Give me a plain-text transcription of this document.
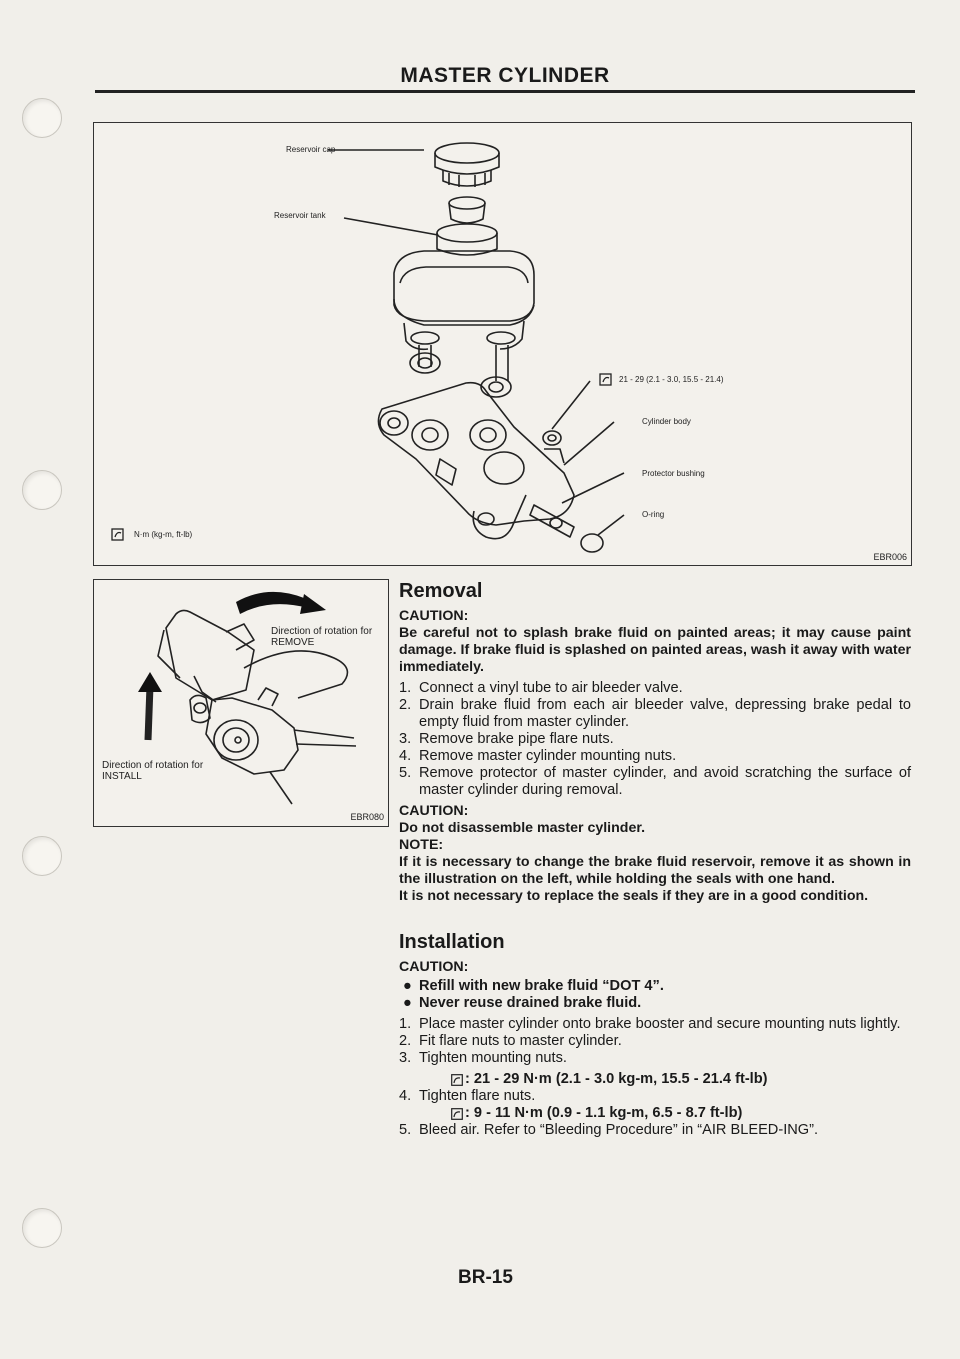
MASTER CYLINDER
Reservoir cap
Reservoir tank
21 - 29 (2.1 - 3.0, 15.5 - 21.4)
Cylinder body
Protector bushing
O-ring
N·m (kg-m, ft-lb)
EBR006
Direction of rotation for REMOVE
Direction of rotation for INSTALL
EBR080
Removal
CAUTION:
Be careful not to splash brake fluid on painted areas; it may cause paint damage. If brake fluid is splashed on painted areas, wash it away with water immediately.
1. Connect a vinyl tube to air bleeder valve.
2. Drain brake fluid from each air bleeder valve, depressing brake pedal to empty fluid from master cylinder.
3. Remove brake pipe flare nuts.
4. Remove master cylinder mounting nuts.
5. Remove protector of master cylinder, and avoid scratching the surface of master cylinder during removal.
CAUTION:
Do not disassemble master cylinder.
NOTE:
If it is necessary to change the brake fluid reservoir, remove it as shown in the illustration on the left, while holding the seals with one hand.
It is not necessary to replace the seals if they are in a good condition.
Installation
CAUTION:
● Refill with new brake fluid “DOT 4”.
● Never reuse drained brake fluid.
1. Place master cylinder onto brake booster and secure mounting nuts lightly.
2. Fit flare nuts to master cylinder.
3. Tighten mounting nuts.
: 21 - 29 N·m (2.1 - 3.0 kg-m, 15.5 - 21.4 ft-lb)
4. Tighten flare nuts.
: 9 - 11 N·m (0.9 - 1.1 kg-m, 6.5 - 8.7 ft-lb)
5. Bleed air. Refer to “Bleeding Procedure” in “AIR BLEED-ING”.
BR-15
